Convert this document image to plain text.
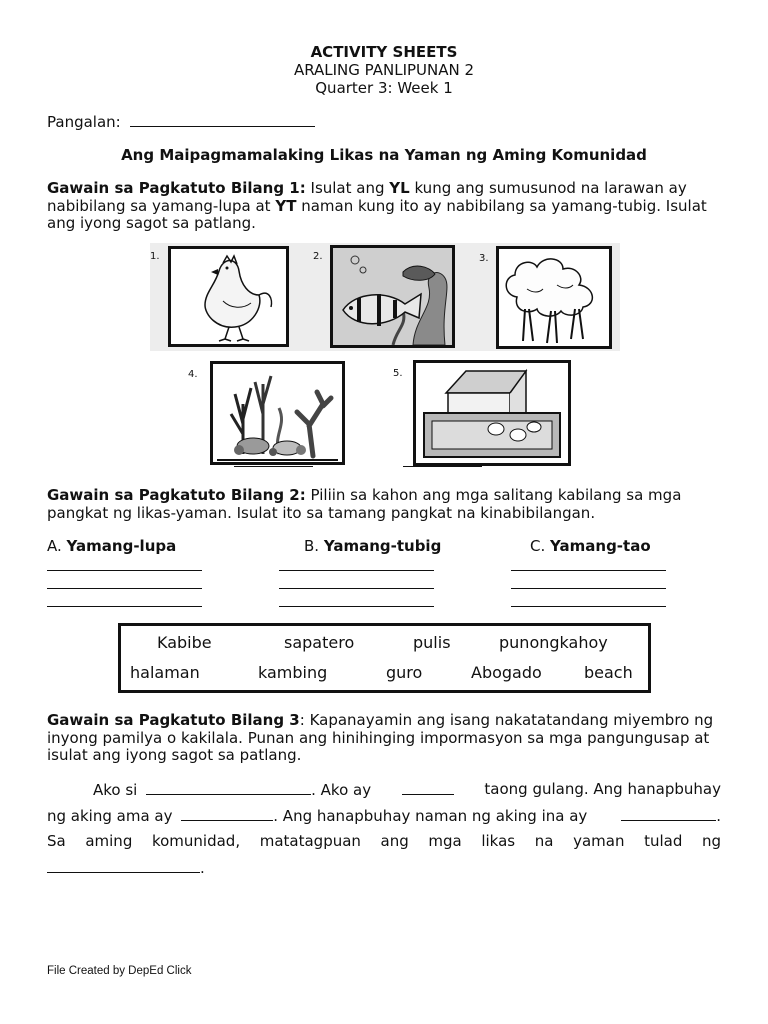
ACTIVITY SHEETS
ARALING PANLIPUNAN 2
Quarter 3: Week 1
Pangalan:
Ang Maipagmamalaking Likas na Yaman ng Aming Komunidad
Gawain sa Pagkatuto Bilang 1: Isulat ang YL kung ang sumusunod na larawan ay nabibilang sa yamang-lupa at YT naman kung ito ay nabibilang sa yamang-tubig. Isulat ang iyong sagot sa patlang.
1.	2.	3.
4.	5.
Gawain sa Pagkatuto Bilang 2: Piliin sa kahon ang mga salitang kabilang sa mga pangkat ng likas-yaman. Isulat ito sa tamang pangkat na kinabibilangan.
A. Yamang-lupa	B. Yamang-tubig	C. Yamang-tao
Kabibe	sapatero	pulis	punongkahoy
halaman	kambing	guro	Abogado	beach
Gawain sa Pagkatuto Bilang 3: Kapanayamin ang isang nakatatandang miyembro ng inyong pamilya o kakilala. Punan ang hinihinging impormasyon sa mga pangungusap at isulat ang iyong sagot sa patlang.
Ako si	. Ako ay	taong gulang. Ang hanapbuhay
ng aking ama ay	. Ang hanapbuhay naman ng aking ina ay	.
Sa aming komunidad, matatagpuan ang mga likas na yaman tulad ng
.
File Created by DepEd Click
